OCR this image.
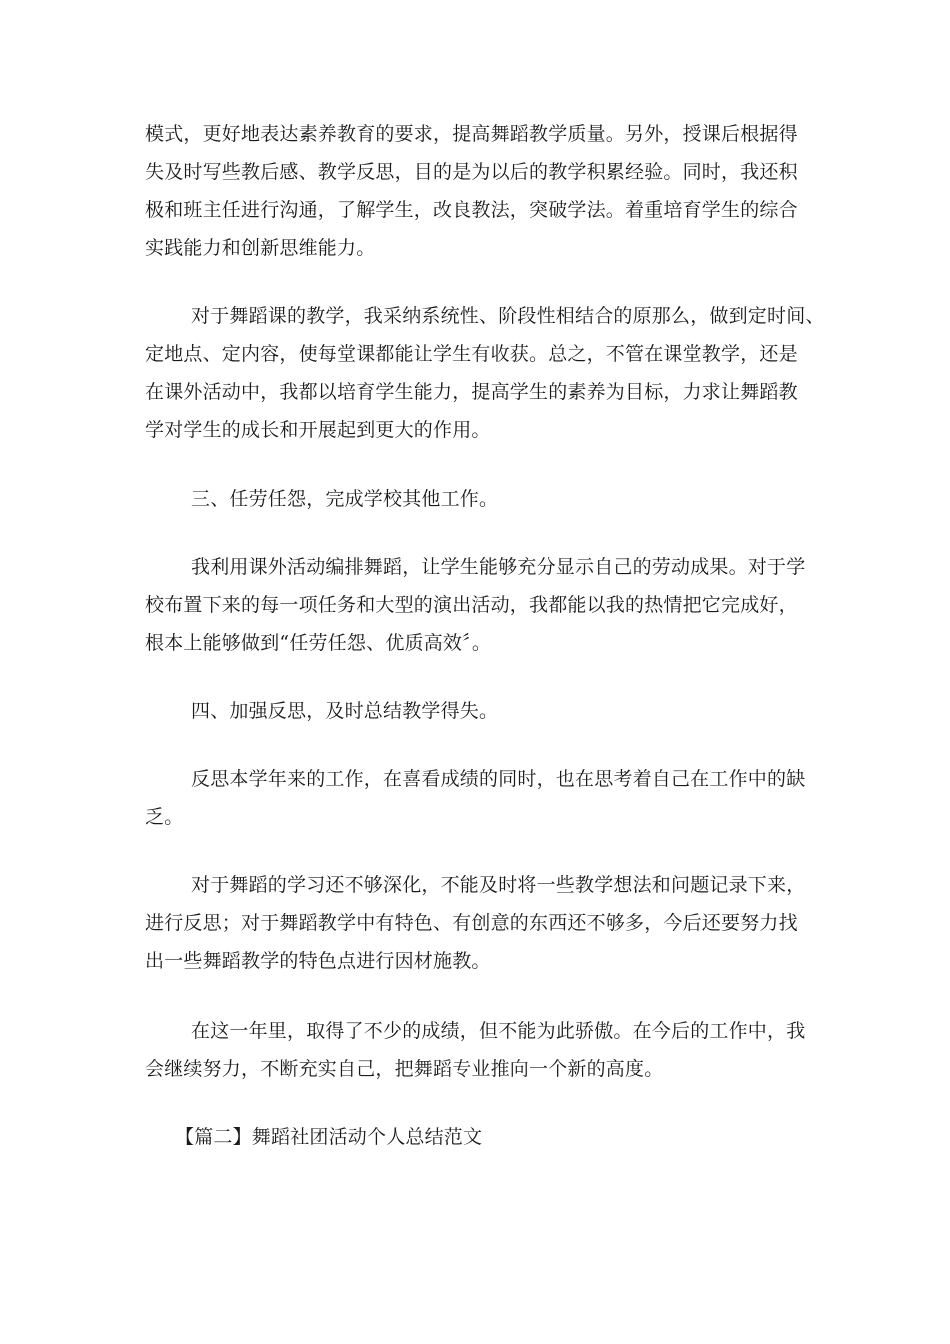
模式，更好地表达素养教育的要求，提高舞蹈教学质量。另外，授课后根据得
失及时写些教后感、教学反思，目的是为以后的教学积累经验。同时，我还积
极和班主任进行沟通，了解学生，改良教法，突破学法。着重培育学生的综合
实践能力和创新思维能力。
对于舞蹈课的教学，我采纳系统性、阶段性相结合的原那么，做到定时间、
定地点、定内容，使每堂课都能让学生有收获。总之，不管在课堂教学，还是
在课外活动中，我都以培育学生能力，提高学生的素养为目标，力求让舞蹈教
学对学生的成长和开展起到更大的作用。
三、任劳任怨，完成学校其他工作。
我利用课外活动编排舞蹈，让学生能够充分显示自己的劳动成果。对于学
校布置下来的每一项任务和大型的演出活动，我都能以我的热情把它完成好，
根本上能够做到“任劳任怨、优质高效〞。
四、加强反思，及时总结教学得失。
反思本学年来的工作，在喜看成绩的同时，也在思考着自己在工作中的缺
乏。
对于舞蹈的学习还不够深化，不能及时将一些教学想法和问题记录下来，
进行反思；对于舞蹈教学中有特色、有创意的东西还不够多，今后还要努力找
出一些舞蹈教学的特色点进行因材施教。
在这一年里，取得了不少的成绩，但不能为此骄傲。在今后的工作中，我
会继续努力，不断充实自己，把舞蹈专业推向一个新的高度。
【篇二】舞蹈社团活动个人总结范文
